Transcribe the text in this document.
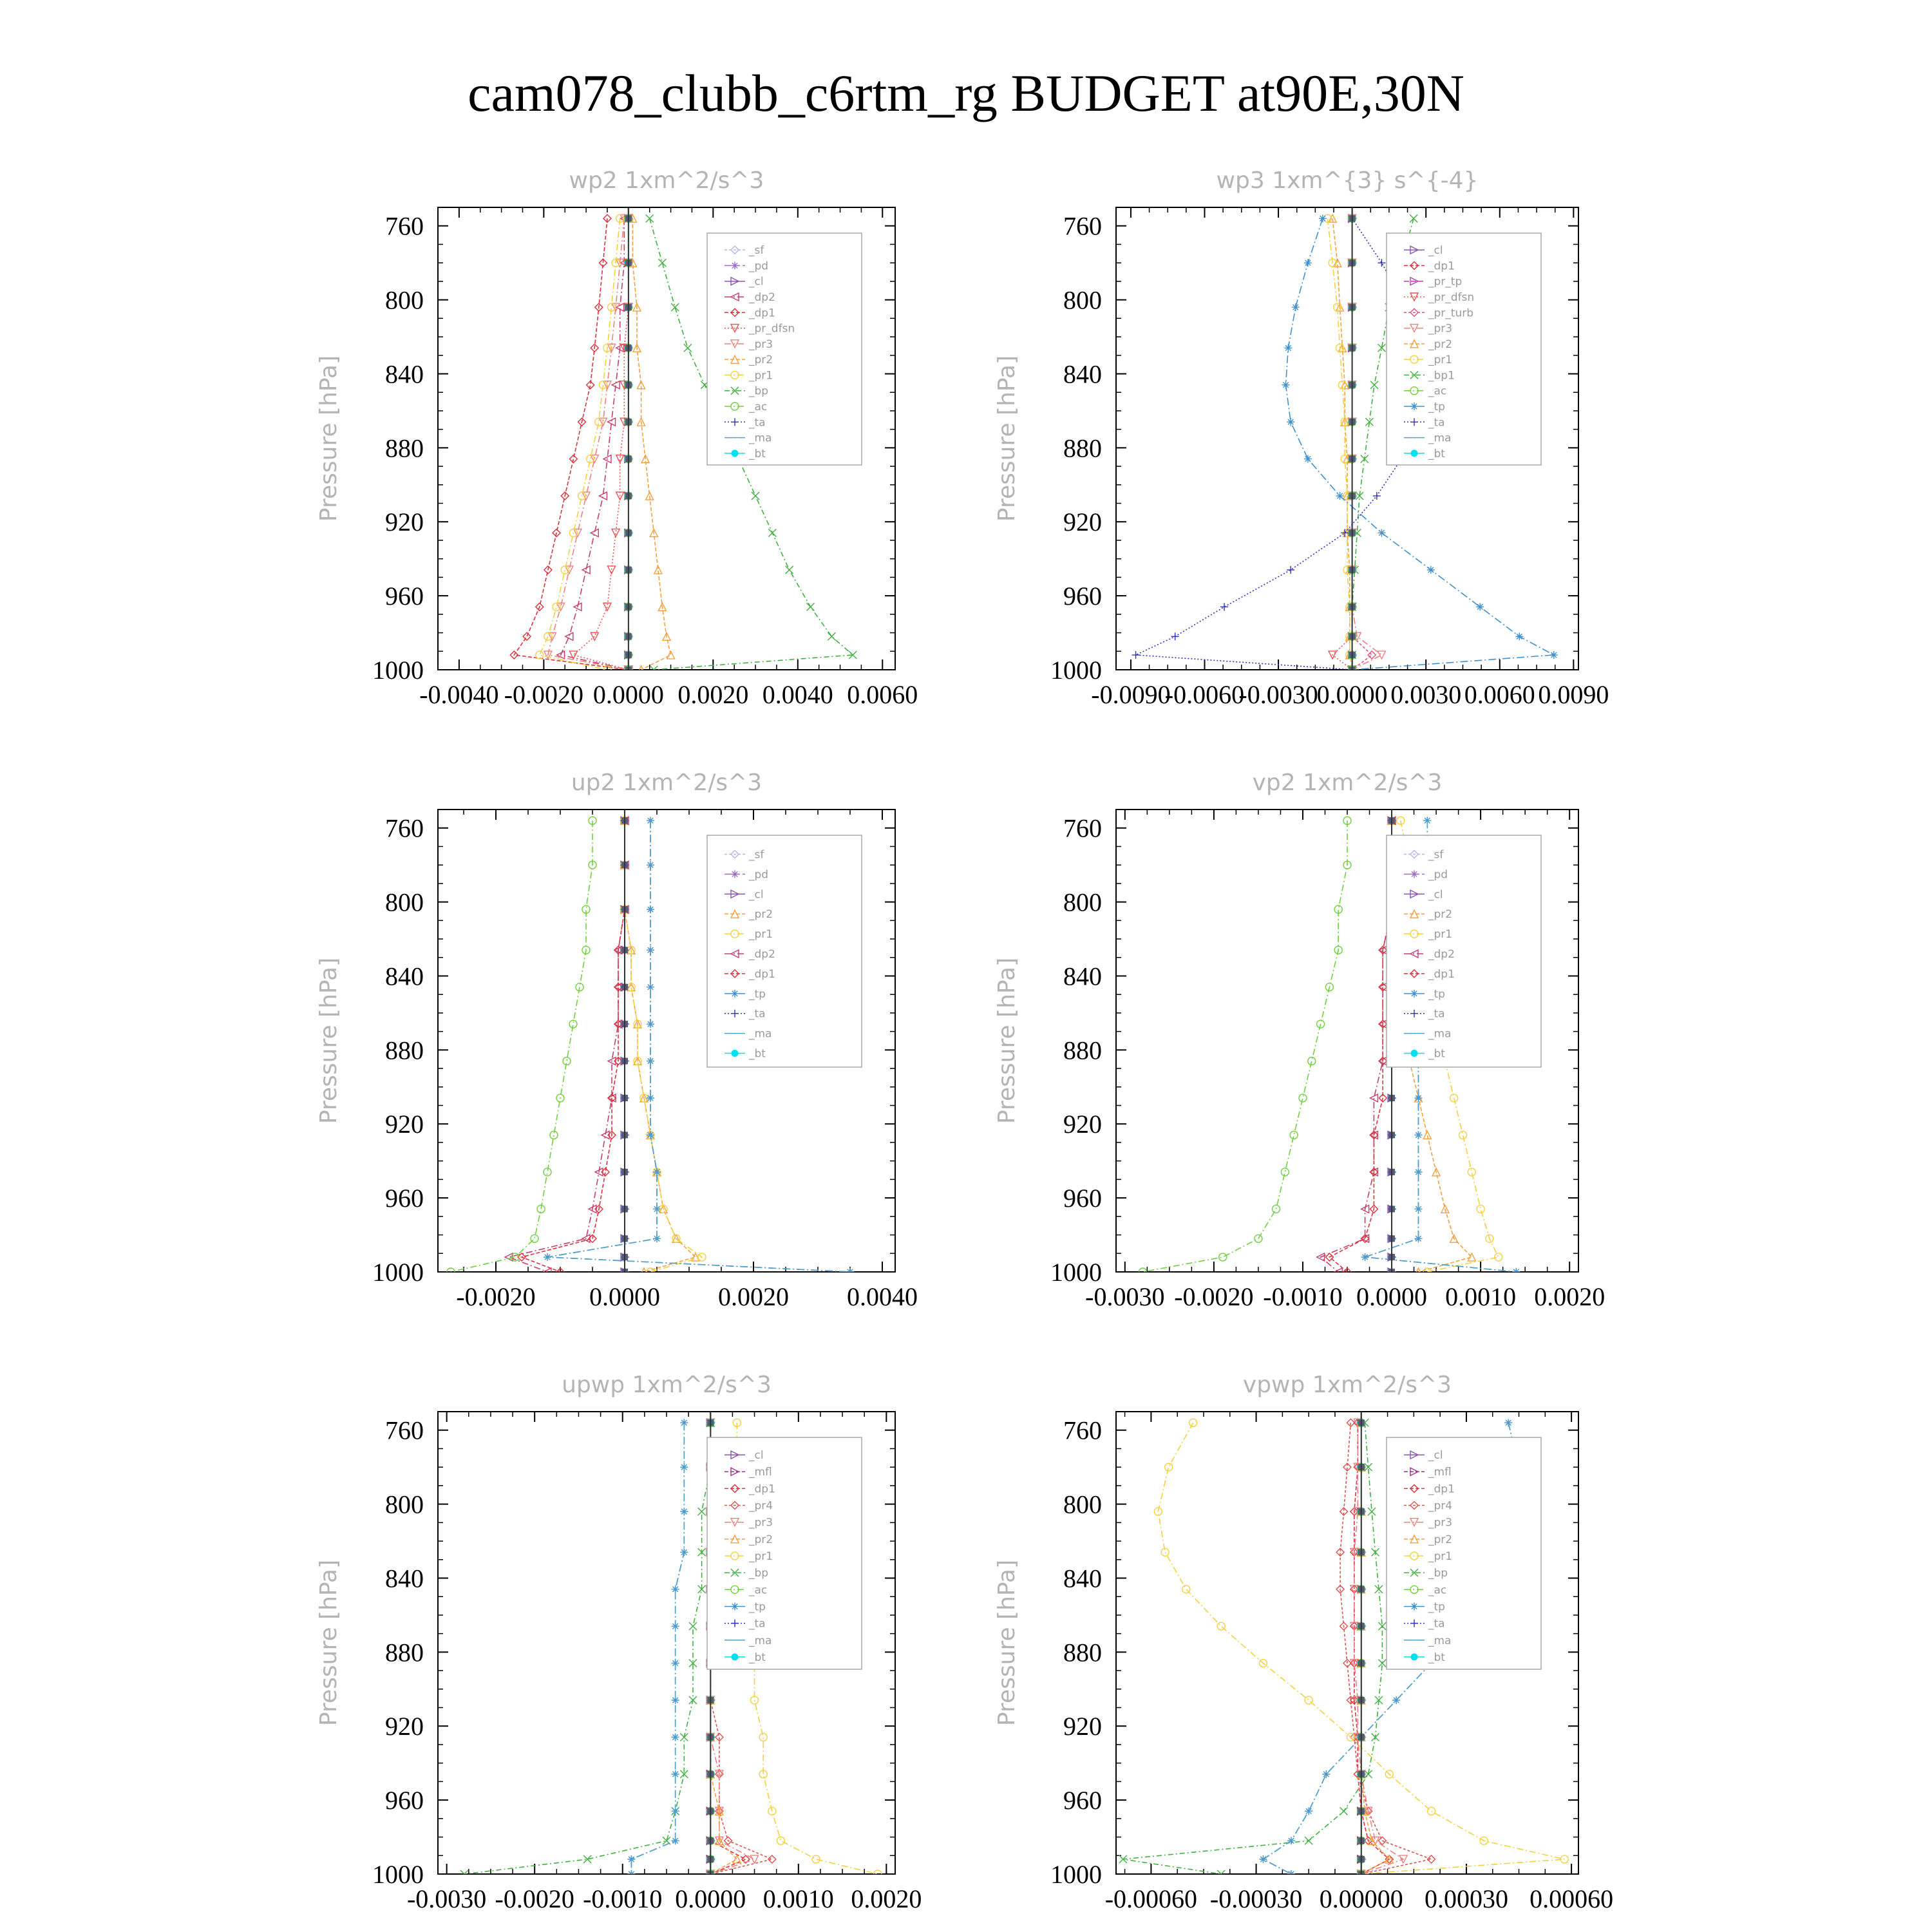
cam078_clubb_c6rtm_rg BUDGET at90E,30N
wp2 1xm^2/s^3
Pressure [hPa]
760
800
840
880
920
960
1000
-0.0040 -0.0020 0.0000 0.0020 0.0040 0.0060
_sf
_pd
_cl
_dp2
_dp1
_pr_dfsn
_pr3
_pr2
_pr1
_bp
_ac
_ta
_ma
_bt
wp3 1xm^{3} s^{-4}
Pressure [hPa]
760
800
840
880
920
960
1000
-0.0090
-0.0060
-0.0030
0.0000 0.0030 0.0060 0.0090
_cl
_dp1
_pr_tp
_pr_dfsn
_pr_turb
_pr3
_pr2
_pr1
_bp1
_ac
_tp
_ta
_ma
_bt
up2 1xm^2/s^3
Pressure [hPa]
760
800
840
880
920
960
1000
-0.0020 0.0000 0.0020 0.0040
_sf
_pd
_cl
_pr2
_pr1
_dp2
_dp1
_tp
_ta
_ma
_bt
vp2 1xm^2/s^3
Pressure [hPa]
760
800
840
880
920
960
1000
-0.0030 -0.0020 -0.0010 0.0000 0.0010 0.0020
_sf
_pd
_cl
_pr2
_pr1
_dp2
_dp1
_tp
_ta
_ma
_bt
upwp 1xm^2/s^3
Pressure [hPa]
760
800
840
880
920
960
1000
-0.0030 -0.0020 -0.0010 0.0000 0.0010 0.0020
_cl
_mfl
_dp1
_pr4
_pr3
_pr2
_pr1
_bp
_ac
_tp
_ta
_ma
_bt
vpwp 1xm^2/s^3
Pressure [hPa]
760
800
840
880
920
960
1000
-0.00060 -0.00030 0.00000 0.00030 0.00060
_cl
_mfl
_dp1
_pr4
_pr3
_pr2
_pr1
_bp
_ac
_tp
_ta
_ma
_bt
